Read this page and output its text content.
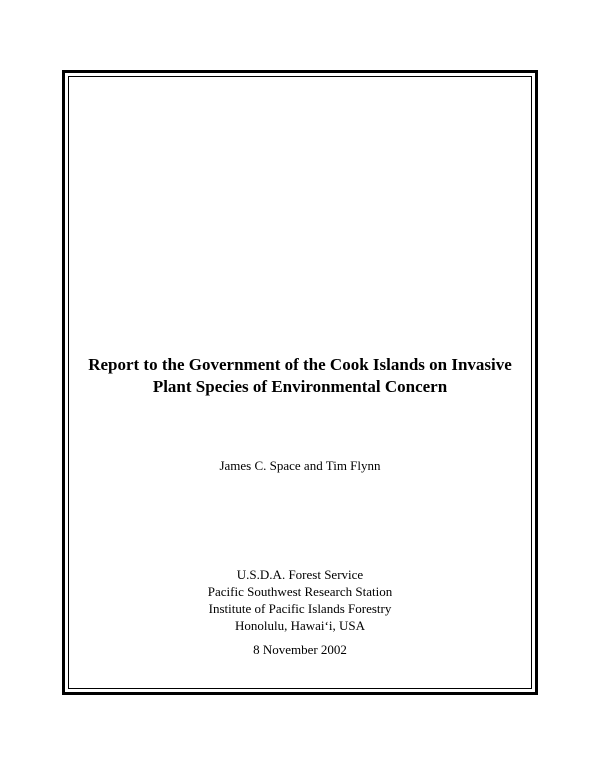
Report to the Government of the Cook Islands on Invasive
Plant Species of Environmental Concern
James C. Space and Tim Flynn
U.S.D.A. Forest Service
Pacific Southwest Research Station
Institute of Pacific Islands Forestry
Honolulu, Hawai‘i, USA
8 November 2002
